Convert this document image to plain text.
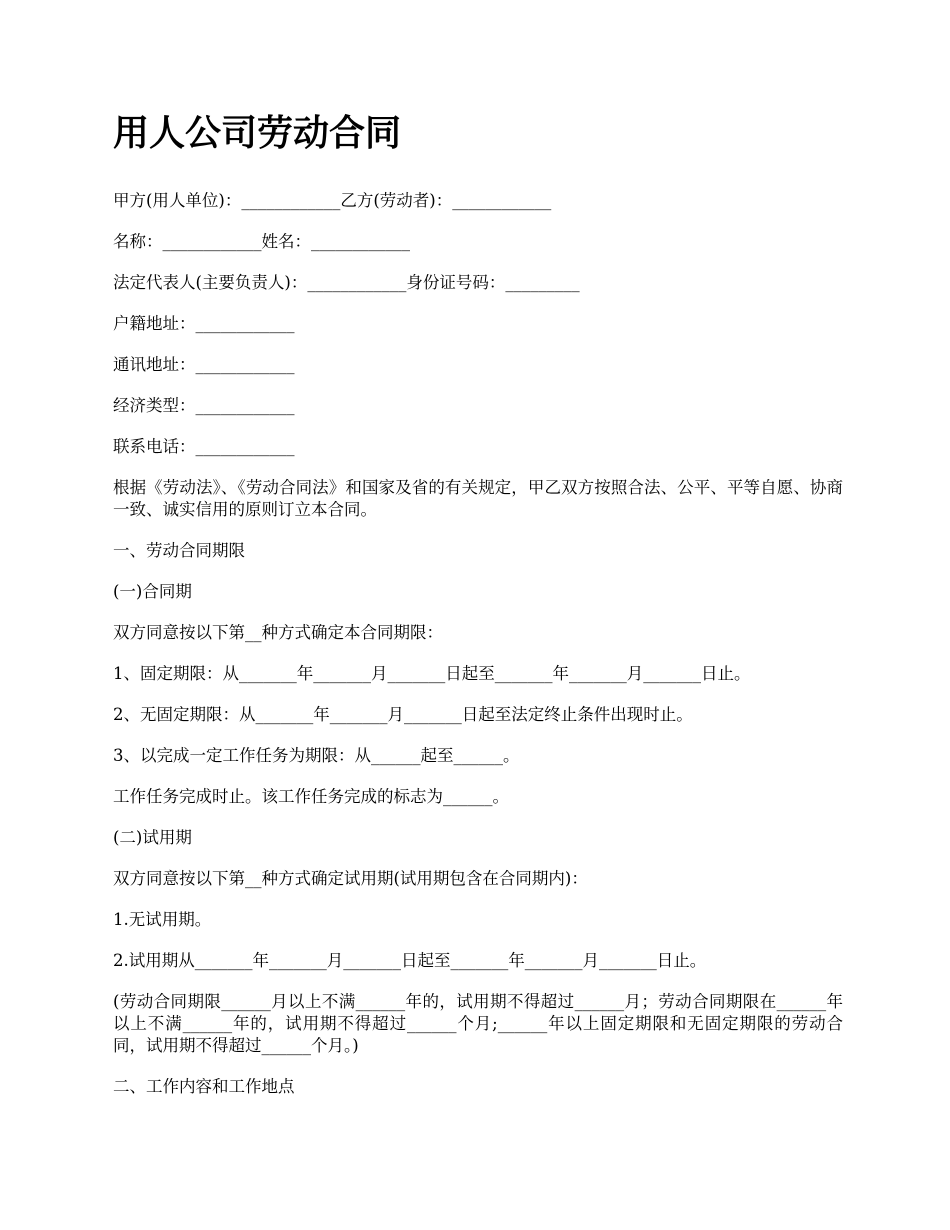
用人公司劳动合同

甲方(用人单位)：____________乙方(劳动者)：____________

名称：____________姓名：____________

法定代表人(主要负责人)：____________身份证号码：_________

户籍地址：____________

通讯地址：____________

经济类型：____________

联系电话：____________

根据《劳动法》、《劳动合同法》和国家及省的有关规定，甲乙双方按照合法、公平、平等自愿、协商一致、诚实信用的原则订立本合同。

一、劳动合同期限

(一)合同期

双方同意按以下第__种方式确定本合同期限：

1、固定期限：从_______年_______月_______日起至_______年_______月_______日止。

2、无固定期限：从_______年_______月_______日起至法定终止条件出现时止。

3、以完成一定工作任务为期限：从______起至______。

工作任务完成时止。该工作任务完成的标志为______。

(二)试用期

双方同意按以下第__种方式确定试用期(试用期包含在合同期内)：

1.无试用期。

2.试用期从_______年_______月_______日起至_______年_______月_______日止。

(劳动合同期限______月以上不满______年的，试用期不得超过______月；劳动合同期限在______年以上不满______年的，试用期不得超过______个月;______年以上固定期限和无固定期限的劳动合同，试用期不得超过______个月。)

二、工作内容和工作地点
